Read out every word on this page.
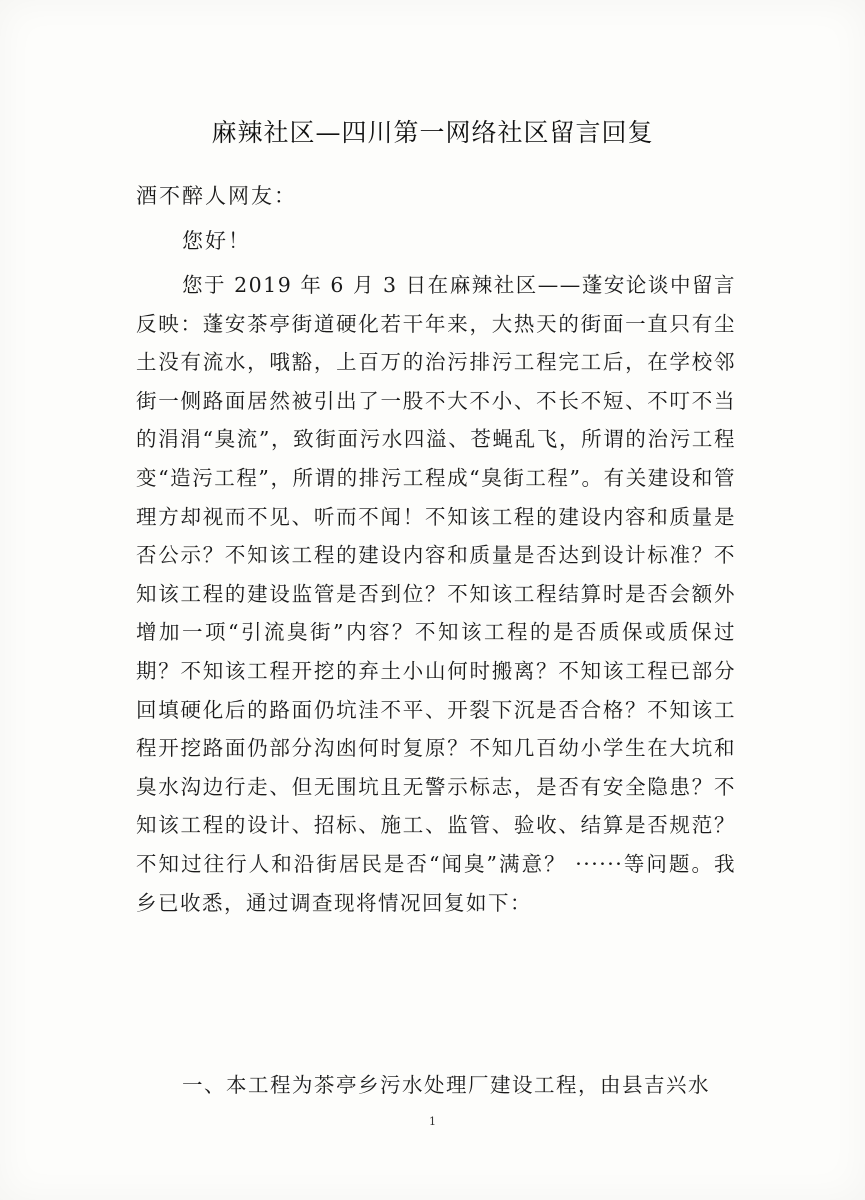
麻辣社区—四川第一网络社区留言回复
酒不醉人网友：
您好！

您于 2019 年 6 月 3 日在麻辣社区——蓬安论谈中留言反映：蓬安茶亭街道硬化若干年来，大热天的街面一直只有尘土没有流水，哦豁，上百万的治污排污工程完工后，在学校邻街一侧路面居然被引出了一股不大不小、不长不短、不叮不当的涓涓“臭流”，致街面污水四溢、苍蝇乱飞，所谓的治污工程变“造污工程”，所谓的排污工程成“臭街工程”。有关建设和管理方却视而不见、听而不闻！不知该工程的建设内容和质量是否公示？不知该工程的建设内容和质量是否达到设计标准？不知该工程的建设监管是否到位？不知该工程结算时是否会额外增加一项“引流臭街”内容？不知该工程的是否质保或质保过期？不知该工程开挖的弃土小山何时搬离？不知该工程已部分回填硬化后的路面仍坑洼不平、开裂下沉是否合格？不知该工程开挖路面仍部分沟凼何时复原？不知几百幼小学生在大坑和臭水沟边行走、但无围坑且无警示标志，是否有安全隐患？不知该工程的设计、招标、施工、监管、验收、结算是否规范？不知过往行人和沿街居民是否“闻臭”满意？ ······等问题。我乡已收悉，通过调查现将情况回复如下：

一、本工程为茶亭乡污水处理厂建设工程，由县吉兴水

1
